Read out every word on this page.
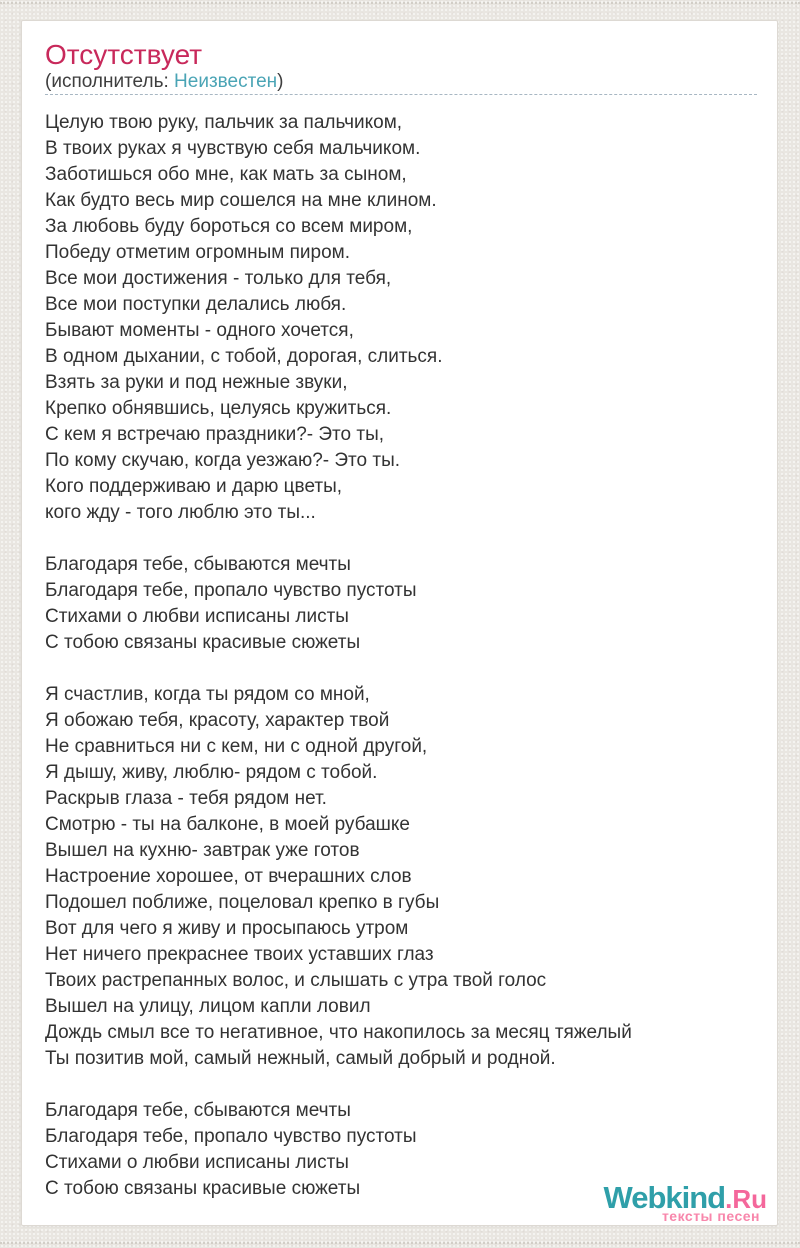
Отсутствует
(исполнитель: Неизвестен)
Целую твою руку, пальчик за пальчиком,
В твоих руках я чувствую себя мальчиком.
Заботишься обо мне, как мать за сыном,
Как будто весь мир сошелся на мне клином.
За любовь буду бороться со всем миром,
Победу отметим огромным пиром.
Все мои достижения - только для тебя,
Все мои поступки делались любя.
Бывают моменты - одного хочется,
В одном дыхании, с тобой, дорогая, слиться.
Взять за руки и под нежные звуки,
Крепко обнявшись, целуясь кружиться.
С кем я встречаю праздники?- Это ты,
По кому скучаю, когда уезжаю?- Это ты.
Кого поддерживаю и дарю цветы,
кого жду - того люблю это ты...
Благодаря тебе, сбываются мечты
Благодаря тебе, пропало чувство пустоты
Стихами о любви исписаны листы
С тобою связаны красивые сюжеты
Я счастлив, когда ты рядом со мной,
Я обожаю тебя, красоту, характер твой
Не сравниться ни с кем, ни с одной другой,
Я дышу, живу, люблю- рядом с тобой.
Раскрыв глаза - тебя рядом нет.
Смотрю - ты на балконе, в моей рубашке
Вышел на кухню- завтрак уже готов
Настроение хорошее, от вчерашних слов
Подошел поближе, поцеловал крепко в губы
Вот для чего я живу и просыпаюсь утром
Нет ничего прекраснее твоих уставших глаз
Твоих растрепанных волос, и слышать с утра твой голос
Вышел на улицу, лицом капли ловил
Дождь смыл все то негативное, что накопилось за месяц тяжелый
Ты позитив мой, самый нежный, самый добрый и родной.
Благодаря тебе, сбываются мечты
Благодаря тебе, пропало чувство пустоты
Стихами о любви исписаны листы
С тобою связаны красивые сюжеты	Webkind.Ru
тексты песен
